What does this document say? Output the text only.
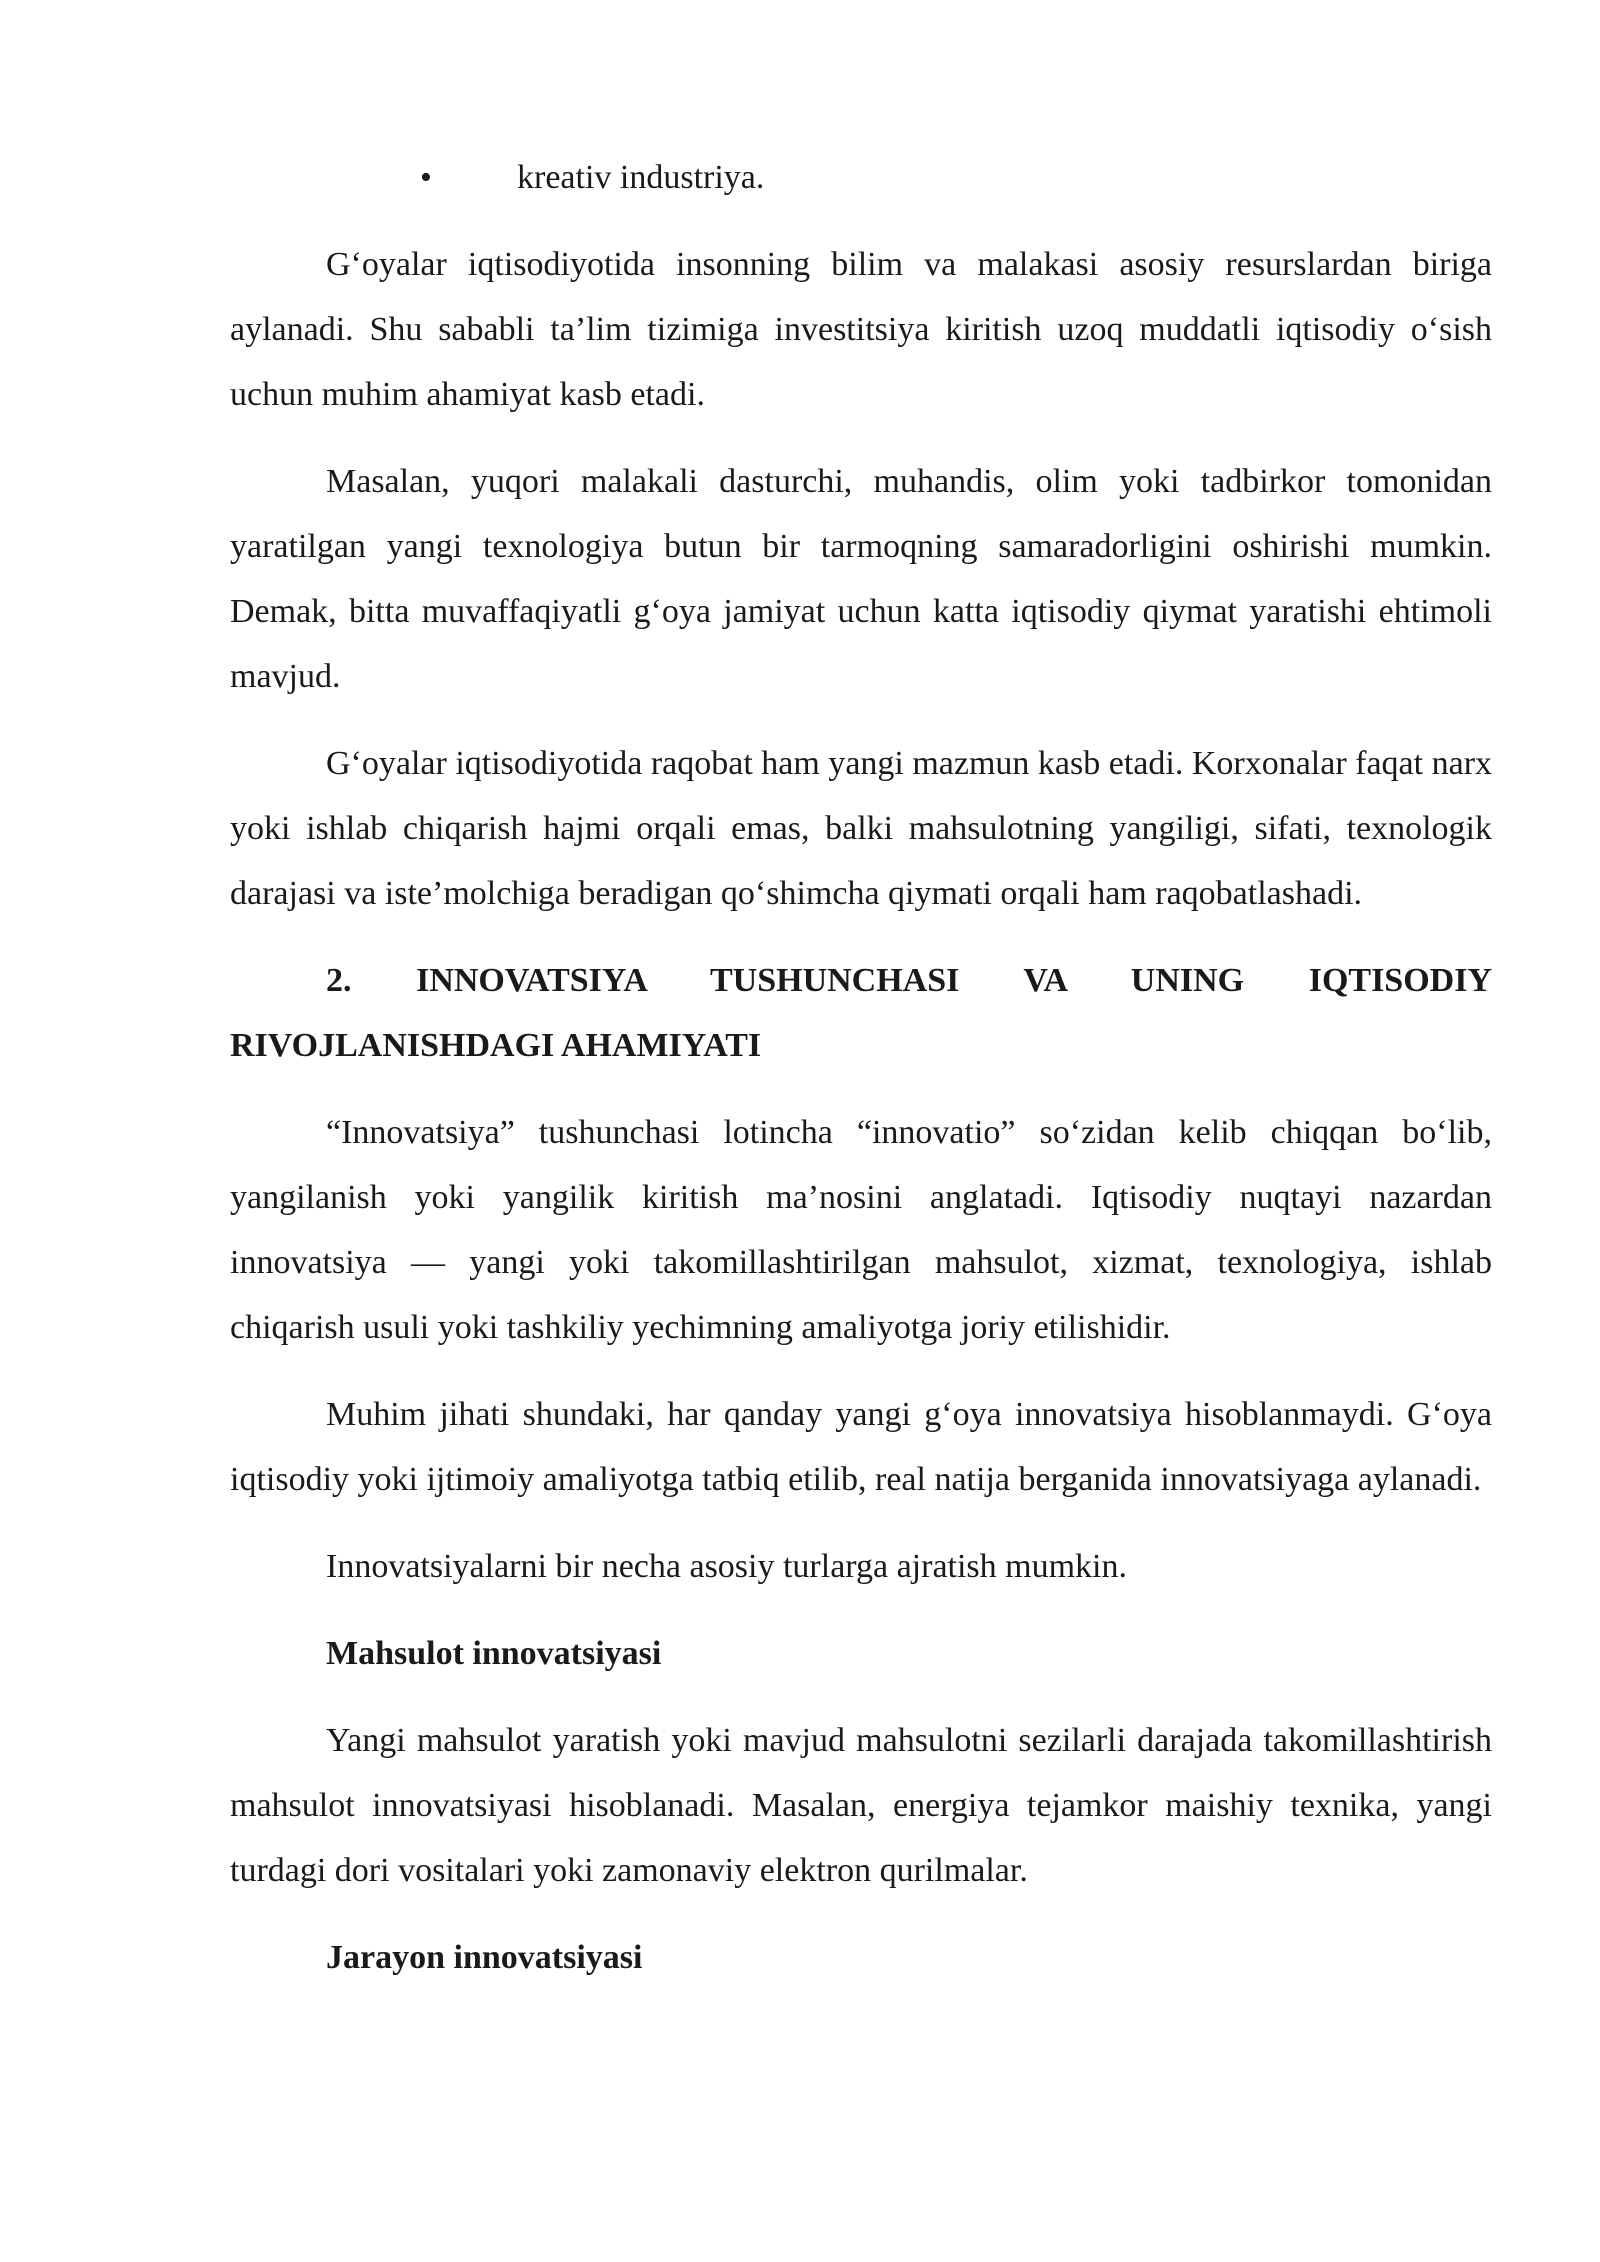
•	kreativ industriya.

G‘oyalar iqtisodiyotida insonning bilim va malakasi asosiy resurslardan biriga aylanadi. Shu sababli ta’lim tizimiga investitsiya kiritish uzoq muddatli iqtisodiy o‘sish uchun muhim ahamiyat kasb etadi.

Masalan, yuqori malakali dasturchi, muhandis, olim yoki tadbirkor tomonidan yaratilgan yangi texnologiya butun bir tarmoqning samaradorligini oshirishi mumkin. Demak, bitta muvaffaqiyatli g‘oya jamiyat uchun katta iqtisodiy qiymat yaratishi ehtimoli mavjud.

G‘oyalar iqtisodiyotida raqobat ham yangi mazmun kasb etadi. Korxonalar faqat narx yoki ishlab chiqarish hajmi orqali emas, balki mahsulotning yangiligi, sifati, texnologik darajasi va iste’molchiga beradigan qo‘shimcha qiymati orqali ham raqobatlashadi.

2. INNOVATSIYA TUSHUNCHASI VA UNING IQTISODIY RIVOJLANISHDAGI AHAMIYATI

“Innovatsiya” tushunchasi lotincha “innovatio” so‘zidan kelib chiqqan bo‘lib, yangilanish yoki yangilik kiritish ma’nosini anglatadi. Iqtisodiy nuqtayi nazardan innovatsiya — yangi yoki takomillashtirilgan mahsulot, xizmat, texnologiya, ishlab chiqarish usuli yoki tashkiliy yechimning amaliyotga joriy etilishidir.

Muhim jihati shundaki, har qanday yangi g‘oya innovatsiya hisoblanmaydi. G‘oya iqtisodiy yoki ijtimoiy amaliyotga tatbiq etilib, real natija berganida innovatsiyaga aylanadi.

Innovatsiyalarni bir necha asosiy turlarga ajratish mumkin.

Mahsulot innovatsiyasi

Yangi mahsulot yaratish yoki mavjud mahsulotni sezilarli darajada takomillashtirish mahsulot innovatsiyasi hisoblanadi. Masalan, energiya tejamkor maishiy texnika, yangi turdagi dori vositalari yoki zamonaviy elektron qurilmalar.

Jarayon innovatsiyasi
